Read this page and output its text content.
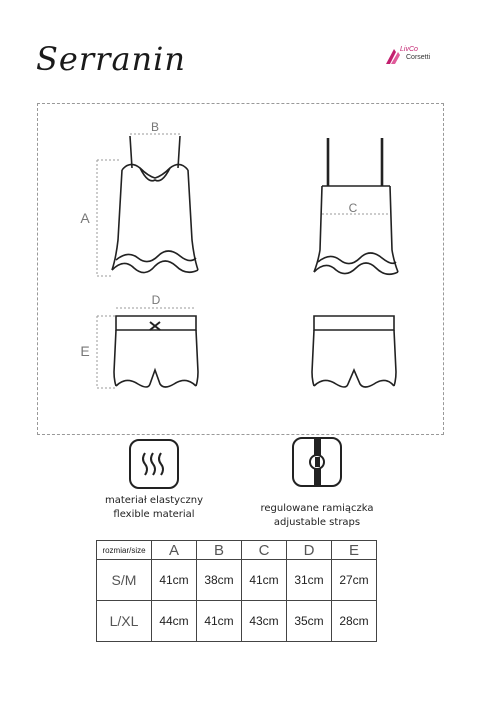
Serranin	LivCo
Corsetti
B
A
C
D
E
materiał elastyczny
flexible material
regulowane ramiączka
adjustable straps
rozmiar/size	A	B	C	D	E
S/M	41cm	38cm	41cm	31cm	27cm
L/XL	44cm	41cm	43cm	35cm	28cm
